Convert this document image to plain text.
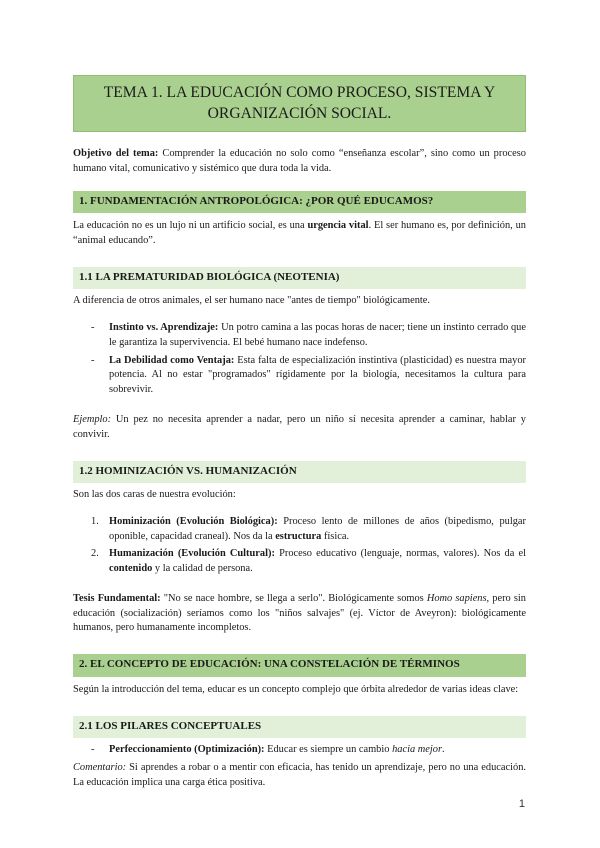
TEMA 1. LA EDUCACIÓN COMO PROCESO, SISTEMA Y
ORGANIZACIÓN SOCIAL.

Objetivo del tema: Comprender la educación no solo como “enseñanza escolar”, sino como un proceso humano vital, comunicativo y sistémico que dura toda la vida.

1. FUNDAMENTACIÓN ANTROPOLÓGICA: ¿POR QUÉ EDUCAMOS?

La educación no es un lujo ni un artificio social, es una urgencia vital. El ser humano es, por definición, un “animal educando”.

1.1 LA PREMATURIDAD BIOLÓGICA (NEOTENIA)

A diferencia de otros animales, el ser humano nace "antes de tiempo" biológicamente.

- Instinto vs. Aprendizaje: Un potro camina a las pocas horas de nacer; tiene un instinto cerrado que le garantiza la supervivencia. El bebé humano nace indefenso.
- La Debilidad como Ventaja: Esta falta de especialización instintiva (plasticidad) es nuestra mayor potencia. Al no estar "programados" rígidamente por la biología, necesitamos la cultura para sobrevivir.

Ejemplo: Un pez no necesita aprender a nadar, pero un niño sí necesita aprender a caminar, hablar y convivir.

1.2 HOMINIZACIÓN VS. HUMANIZACIÓN

Son las dos caras de nuestra evolución:

1. Hominización (Evolución Biológica): Proceso lento de millones de años (bipedismo, pulgar oponible, capacidad craneal). Nos da la estructura física.
2. Humanización (Evolución Cultural): Proceso educativo (lenguaje, normas, valores). Nos da el contenido y la calidad de persona.

Tesis Fundamental: "No se nace hombre, se llega a serlo". Biológicamente somos Homo sapiens, pero sin educación (socialización) seríamos como los "niños salvajes" (ej. Víctor de Aveyron): biológicamente humanos, pero humanamente incompletos.

2. EL CONCEPTO DE EDUCACIÓN: UNA CONSTELACIÓN DE TÉRMINOS

Según la introducción del tema, educar es un concepto complejo que órbita alrededor de varias ideas clave:

2.1 LOS PILARES CONCEPTUALES
- Perfeccionamiento (Optimización): Educar es siempre un cambio hacia mejor.

Comentario: Si aprendes a robar o a mentir con eficacia, has tenido un aprendizaje, pero no una educación. La educación implica una carga ética positiva.

1
